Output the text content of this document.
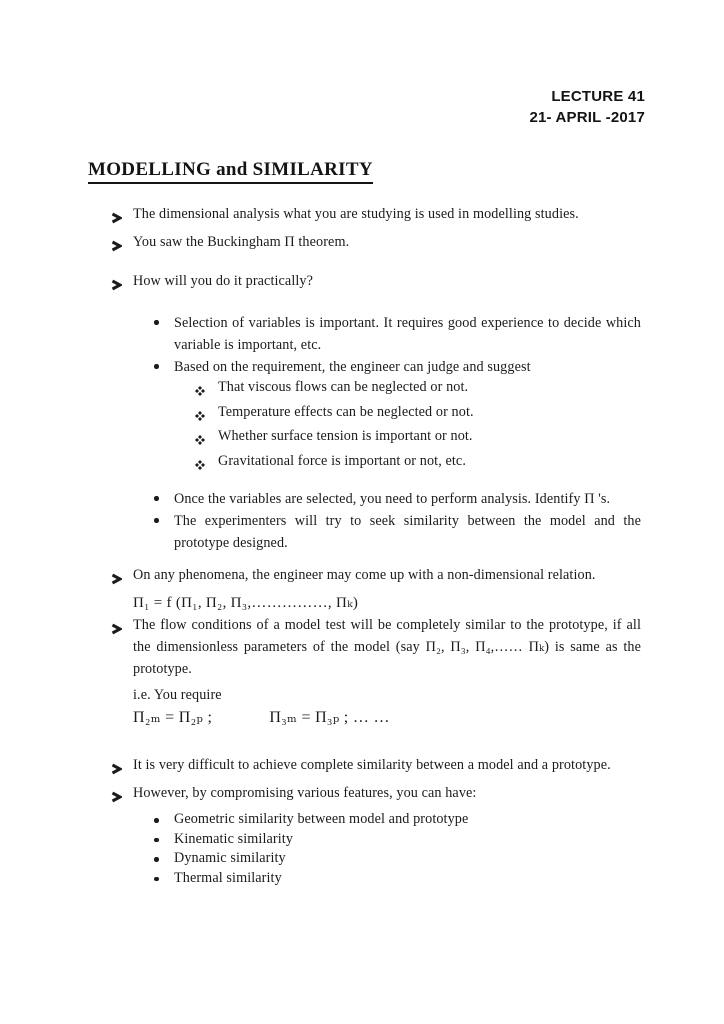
LECTURE 41
21- APRIL -2017
MODELLING and SIMILARITY
The dimensional analysis what you are studying is used in modelling studies.
You saw the Buckingham Π theorem.
How will you do it practically?
Selection of variables is important. It requires good experience to decide which variable is important, etc.
Based on the requirement, the engineer can judge and suggest
That viscous flows can be neglected or not.
Temperature effects can be neglected or not.
Whether surface tension is important or not.
Gravitational force is important or not, etc.
Once the variables are selected, you need to perform analysis. Identify Π 's.
The experimenters will try to seek similarity between the model and the prototype designed.
On any phenomena, the engineer may come up with a non-dimensional relation.
Π₁ = f (Π₁, Π₂, Π₃,……………, Πₖ)
The flow conditions of a model test will be completely similar to the prototype, if all the dimensionless parameters of the model (say Π₂, Π₃, Π₄,…… Πₖ) is same as the prototype.
i.e. You require
Π₂ₘ = Π₂ₚ ;	Π₃ₘ = Π₃ₚ ; … …
It is very difficult to achieve complete similarity between a model and a prototype.
However, by compromising various features, you can have:
Geometric similarity between model and prototype
Kinematic similarity
Dynamic similarity
Thermal similarity
